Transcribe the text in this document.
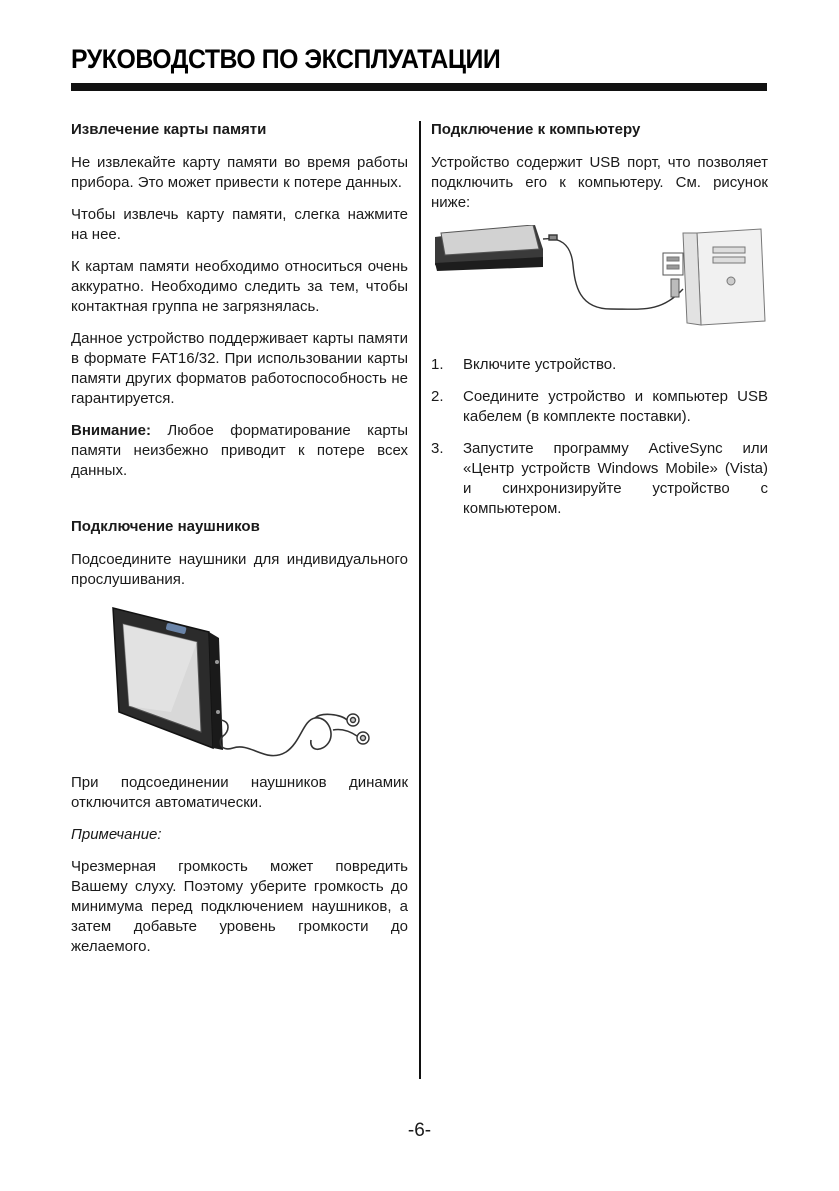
РУКОВОДСТВО ПО ЭКСПЛУАТАЦИИ
Извлечение карты памяти

Не извлекайте карту памяти во время работы прибора. Это может привести к потере данных.

Чтобы извлечь карту памяти, слегка нажмите на нее.

К картам памяти необходимо относиться очень аккуратно. Необходимо следить за тем, чтобы контактная группа не загрязнялась.

Данное устройство поддерживает карты памяти в формате FAT16/32. При использовании карты памяти других форматов работоспособность не гарантируется.

Внимание: Любое форматирование карты памяти неизбежно приводит к потере всех данных.

Подключение наушников

Подсоедините наушники для индивидуального прослушивания.

При подсоединении наушников динамик отключится автоматически.

Примечание:

Чрезмерная громкость может повредить Вашему слуху. Поэтому уберите громкость до минимума перед подключением наушников, а затем добавьте уровень громкости до желаемого.

Подключение к компьютеру

Устройство содержит USB порт, что позволяет подключить его к компьютеру. См. рисунок ниже:

1. Включите устройство.
2. Соедините устройство и компьютер USB кабелем (в комплекте поставки).
3. Запустите программу ActiveSync или «Центр устройств Windows Mobile» (Vista) и синхронизируйте устройство с компьютером.
-6-
